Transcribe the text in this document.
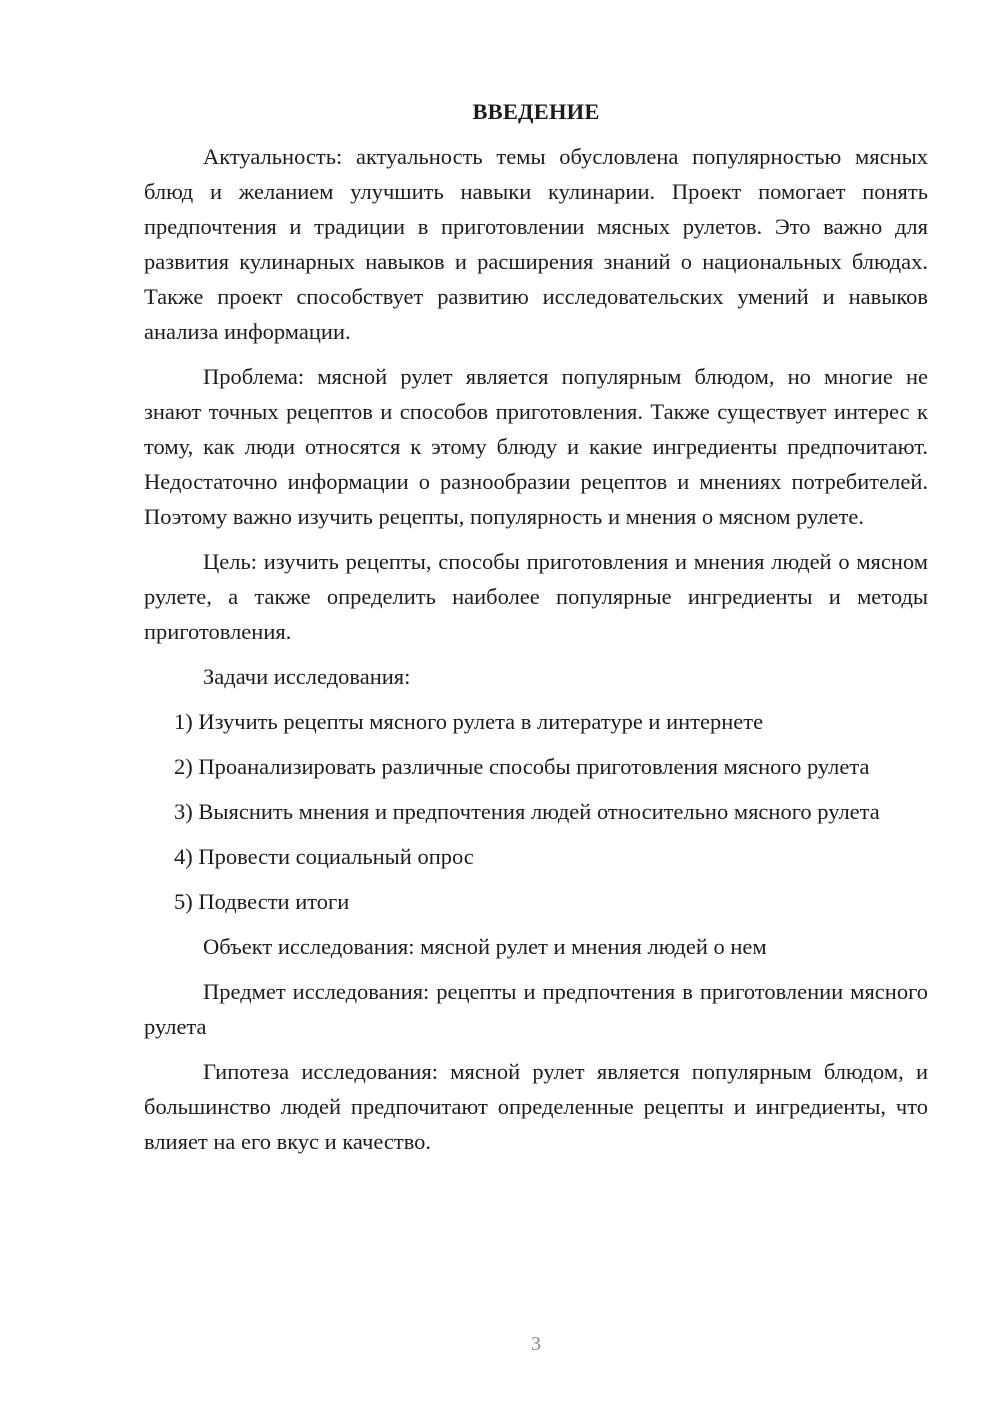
ВВЕДЕНИЕ

Актуальность: актуальность темы обусловлена популярностью мясных блюд и желанием улучшить навыки кулинарии. Проект помогает понять предпочтения и традиции в приготовлении мясных рулетов. Это важно для развития кулинарных навыков и расширения знаний о национальных блюдах. Также проект способствует развитию исследовательских умений и навыков анализа информации.

Проблема: мясной рулет является популярным блюдом, но многие не знают точных рецептов и способов приготовления. Также существует интерес к тому, как люди относятся к этому блюду и какие ингредиенты предпочитают. Недостаточно информации о разнообразии рецептов и мнениях потребителей. Поэтому важно изучить рецепты, популярность и мнения о мясном рулете.

Цель: изучить рецепты, способы приготовления и мнения людей о мясном рулете, а также определить наиболее популярные ингредиенты и методы приготовления.

Задачи исследования:

1) Изучить рецепты мясного рулета в литературе и интернете

2) Проанализировать различные способы приготовления мясного рулета

3) Выяснить мнения и предпочтения людей относительно мясного рулета

4) Провести социальный опрос

5) Подвести итоги

Объект исследования: мясной рулет и мнения людей о нем

Предмет исследования: рецепты и предпочтения в приготовлении мясного рулета

Гипотеза исследования: мясной рулет является популярным блюдом, и большинство людей предпочитают определенные рецепты и ингредиенты, что влияет на его вкус и качество.

3
